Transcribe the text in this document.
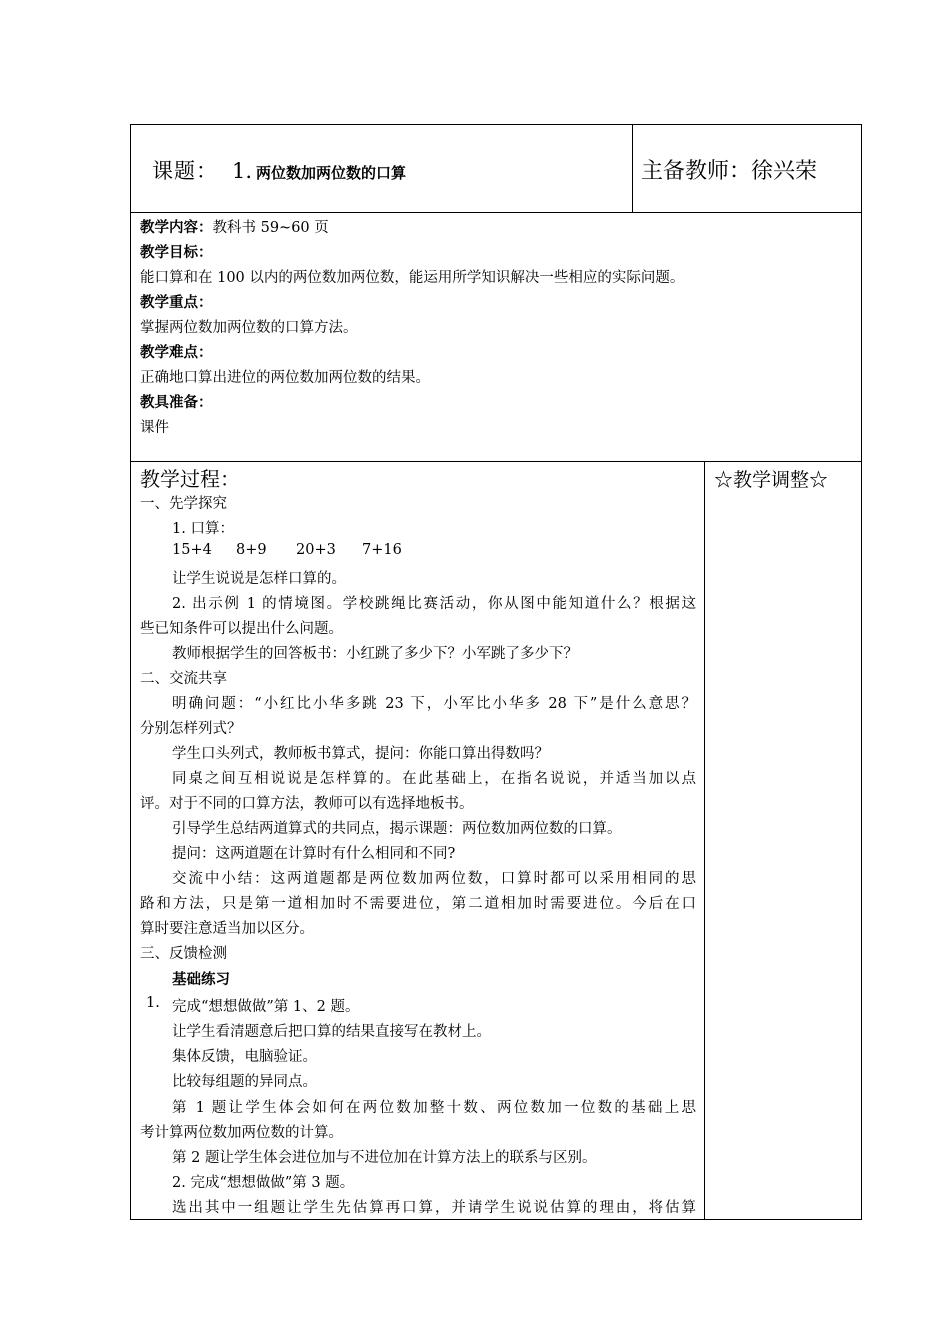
课题： 1. 两位数加两位数的口算	主备教师：徐兴荣
教学内容：教科书 59~60 页
教学目标：
能口算和在 100 以内的两位数加两位数，能运用所学知识解决一些相应的实际问题。
教学重点：
掌握两位数加两位数的口算方法。
教学难点：
正确地口算出进位的两位数加两位数的结果。
教具准备：
课件
教学过程：	☆教学调整☆
一、先学探究
1. 口算：
15+4 8+9 20+3 7+16
让学生说说是怎样口算的。
2. 出示例 1 的情境图。学校跳绳比赛活动，你从图中能知道什么？根据这
些已知条件可以提出什么问题。
教师根据学生的回答板书：小红跳了多少下？小军跳了多少下？
二、交流共享
明确问题：“小红比小华多跳 23 下，小军比小华多 28 下”是什么意思？
分别怎样列式？
学生口头列式，教师板书算式，提问：你能口算出得数吗？
同桌之间互相说说是怎样算的。在此基础上，在指名说说，并适当加以点
评。对于不同的口算方法，教师可以有选择地板书。
引导学生总结两道算式的共同点，揭示课题：两位数加两位数的口算。
提问：这两道题在计算时有什么相同和不同?
交流中小结：这两道题都是两位数加两位数，口算时都可以采用相同的思
路和方法，只是第一道相加时不需要进位，第二道相加时需要进位。今后在口
算时要注意适当加以区分。
三、反馈检测
基础练习
1. 完成“想想做做”第 1、2 题。
让学生看清题意后把口算的结果直接写在教材上。
集体反馈，电脑验证。
比较每组题的异同点。
第 1 题让学生体会如何在两位数加整十数、两位数加一位数的基础上思
考计算两位数加两位数的计算。
第 2 题让学生体会进位加与不进位加在计算方法上的联系与区别。
2. 完成“想想做做”第 3 题。
选出其中一组题让学生先估算再口算，并请学生说说估算的理由，将估算
